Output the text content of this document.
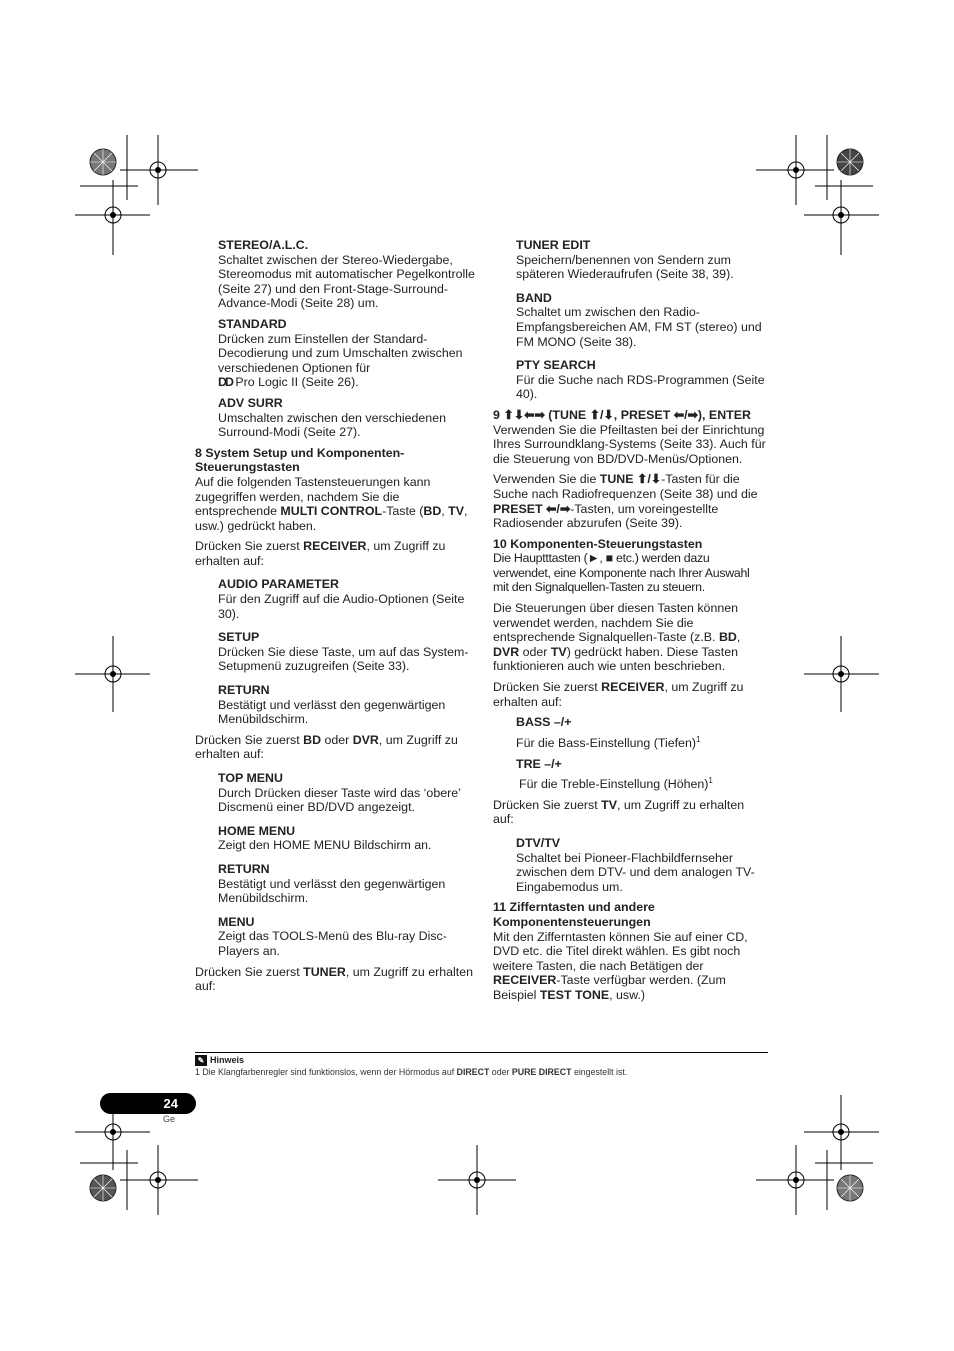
STEREO/A.L.C.
Schaltet zwischen der Stereo-Wiedergabe, Stereomodus mit automatischer Pegelkontrolle (Seite 27) und den Front-Stage-Surround-Advance-Modi (Seite 28) um.
STANDARD
Drücken zum Einstellen der Standard-Decodierung und zum Umschalten zwischen verschiedenen Optionen für
DD Pro Logic II (Seite 26).
ADV SURR
Umschalten zwischen den verschiedenen Surround-Modi (Seite 27).
8 System Setup und Komponenten-Steuerungstasten

Auf die folgenden Tastensteuerungen kann zugegriffen werden, nachdem Sie die entsprechende MULTI CONTROL-Taste (BD, TV, usw.) gedrückt haben.

Drücken Sie zuerst RECEIVER, um Zugriff zu erhalten auf:

AUDIO PARAMETER
Für den Zugriff auf die Audio-Optionen (Seite 30).
SETUP
Drücken Sie diese Taste, um auf das System-Setupmenü zuzugreifen (Seite 33).
RETURN
Bestätigt und verlässt den gegenwärtigen Menübildschirm.

Drücken Sie zuerst BD oder DVR, um Zugriff zu erhalten auf:

TOP MENU
Durch Drücken dieser Taste wird das ‘obere’ Discmenü einer BD/DVD angezeigt.
HOME MENU
Zeigt den HOME MENU Bildschirm an.
RETURN
Bestätigt und verlässt den gegenwärtigen Menübildschirm.
MENU
Zeigt das TOOLS-Menü des Blu-ray Disc-Players an.

Drücken Sie zuerst TUNER, um Zugriff zu erhalten auf:

TUNER EDIT
Speichern/benennen von Sendern zum späteren Wiederaufrufen (Seite 38, 39).
BAND
Schaltet um zwischen den Radio-Empfangsbereichen AM, FM ST (stereo) und FM MONO (Seite 38).
PTY SEARCH
Für die Suche nach RDS-Programmen (Seite 40).
9 ⬆⬇⬅➡ (TUNE ⬆/⬇, PRESET ⬅/➡), ENTER

Verwenden Sie die Pfeiltasten bei der Einrichtung Ihres Surroundklang-Systems (Seite 33). Auch für die Steuerung von BD/DVD-Menüs/Optionen.

Verwenden Sie die TUNE ⬆/⬇-Tasten für die Suche nach Radiofrequenzen (Seite 38) und die PRESET ⬅/➡-Tasten, um voreingestellte Radiosender abzurufen (Seite 39).

10 Komponenten-Steuerungstasten

Die Hauptttasten (►, ■ etc.) werden dazu verwendet, eine Komponente nach Ihrer Auswahl mit den Signalquellen-Tasten zu steuern.

Die Steuerungen über diesen Tasten können verwendet werden, nachdem Sie die entsprechende Signalquellen-Taste (z.B. BD, DVR oder TV) gedrückt haben. Diese Tasten funktionieren auch wie unten beschrieben.

Drücken Sie zuerst RECEIVER, um Zugriff zu erhalten auf:

BASS –/+
Für die Bass-Einstellung (Tiefen)$^1$
TRE –/+
Für die Treble-Einstellung (Höhen)$^1$

Drücken Sie zuerst TV, um Zugriff zu erhalten auf:

DTV/TV
Schaltet bei Pioneer-Flachbildfernseher zwischen dem DTV- und dem analogen TV-Eingabemodus um.
11 Zifferntasten und andere Komponentensteuerungen

Mit den Zifferntasten können Sie auf einer CD, DVD etc. die Titel direkt wählen. Es gibt noch weitere Tasten, die nach Betätigen der RECEIVER-Taste verfügbar werden. (Zum Beispiel TEST TONE, usw.)

✎ Hinweis
1 Die Klangfarbenregler sind funktionslos, wenn der Hörmodus auf DIRECT oder PURE DIRECT eingestellt ist.
24
Ge
